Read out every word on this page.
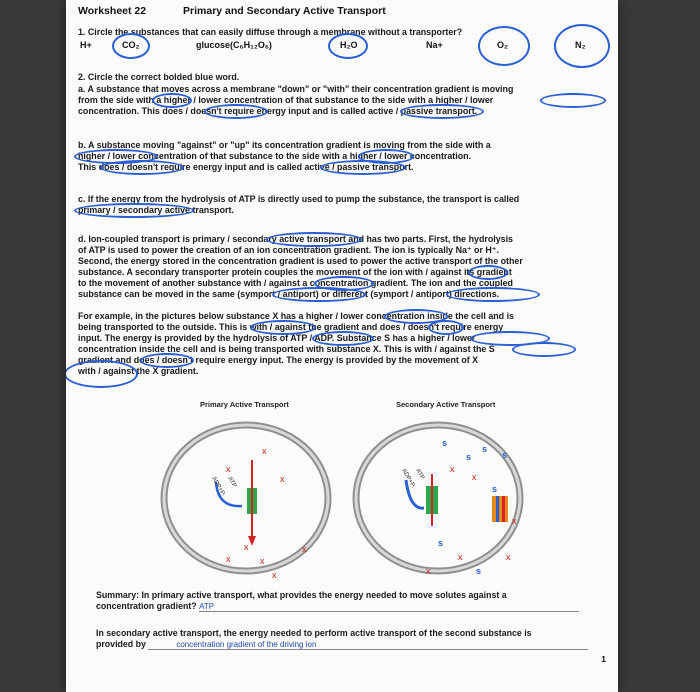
Worksheet 22	Primary and Secondary Active Transport
1. Circle the substances that can easily diffuse through a membrane without a transporter?
H+	CO₂	glucose(C₆H₁₂O₆)	H₂O	Na+	O₂	N₂
2. Circle the correct bolded blue word.
a. A substance that moves across a membrane "down" or "with" their concentration gradient is moving
from the side with a higher / lower concentration of that substance to the side with a higher / lower
concentration. This does / doesn't require energy input and is called active / passive transport.
b. A substance moving "against" or "up" its concentration gradient is moving from the side with a
higher / lower concentration of that substance to the side with a higher / lower concentration.
This does / doesn't require energy input and is called active / passive transport.
c. If the energy from the hydrolysis of ATP is directly used to pump the substance, the transport is called
primary / secondary active transport.
d. Ion-coupled transport is primary / secondary active transport and has two parts. First, the hydrolysis
of ATP is used to power the creation of an ion concentration gradient. The ion is typically Na⁺ or H⁺.
Second, the energy stored in the concentration gradient is used to power the active transport of the other
substance. A secondary transporter protein couples the movement of the ion with / against its gradient
to the movement of another substance with / against a concentration gradient. The ion and the coupled
substance can be moved in the same (symport / antiport) or different (symport / antiport) directions.
For example, in the pictures below substance X has a higher / lower concentration inside the cell and is
being transported to the outside. This is with / against the gradient and does / doesn't require energy
input. The energy is provided by the hydrolysis of ATP / ADP. Substance S has a higher / lower
concentration inside the cell and is being transported with substance X. This is with / against the S
gradient and does / doesn't require energy input. The energy is provided by the movement of X
with / against the X gradient.
Primary Active Transport	Secondary Active Transport
ATP
ADP+Pᵢ
x
x
x
x
x
x
x
x
ATP
ADP+Pᵢ
s
s
s
s
s
s
s
x
x
x
x	x
x
Summary: In primary active transport, what provides the energy needed to move solutes against a
concentration gradient? ATP
In secondary active transport, the energy needed to perform active transport of the second substance is
provided by	concentration gradient of the driving ion
1
